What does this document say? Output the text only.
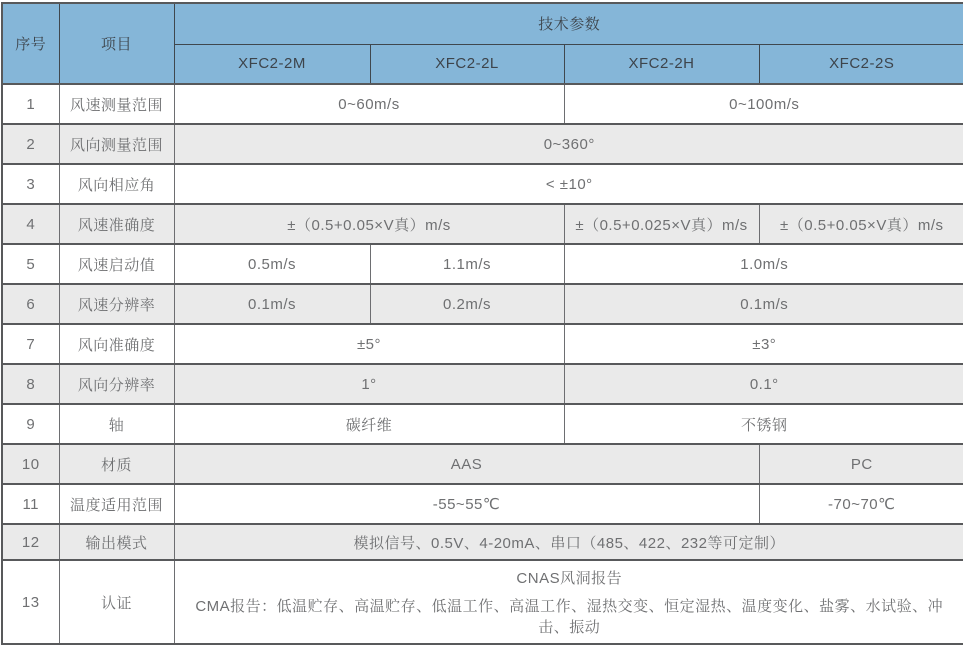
序号	项目	技术参数			
		XFC2-2M	XFC2-2L	XFC2-2H	XFC2-2S
1	风速测量范围	0~60m/s		0~100m/s	
2	风向测量范围	0~360°			
3	风向相应角	< ±10°			
4	风速准确度	±（0.5+0.05×V真）m/s		±（0.5+0.025×V真）m/s	±（0.5+0.05×V真）m/s
5	风速启动值	0.5m/s	1.1m/s	1.0m/s	
6	风速分辨率	0.1m/s	0.2m/s	0.1m/s	
7	风向准确度	±5°		±3°	
8	风向分辨率	1°		0.1°	
9	轴	碳纤维		不锈钢	
10	材质	AAS			PC
11	温度适用范围	-55~55℃			-70~70℃
12	输出模式	模拟信号、0.5V、4-20mA、串口（485、422、232等可定制）			
13	认证	CNAS风洞报告
CMA报告：低温贮存、高温贮存、低温工作、高温工作、湿热交变、恒定湿热、温度变化、盐雾、水试验、冲击、振动			
